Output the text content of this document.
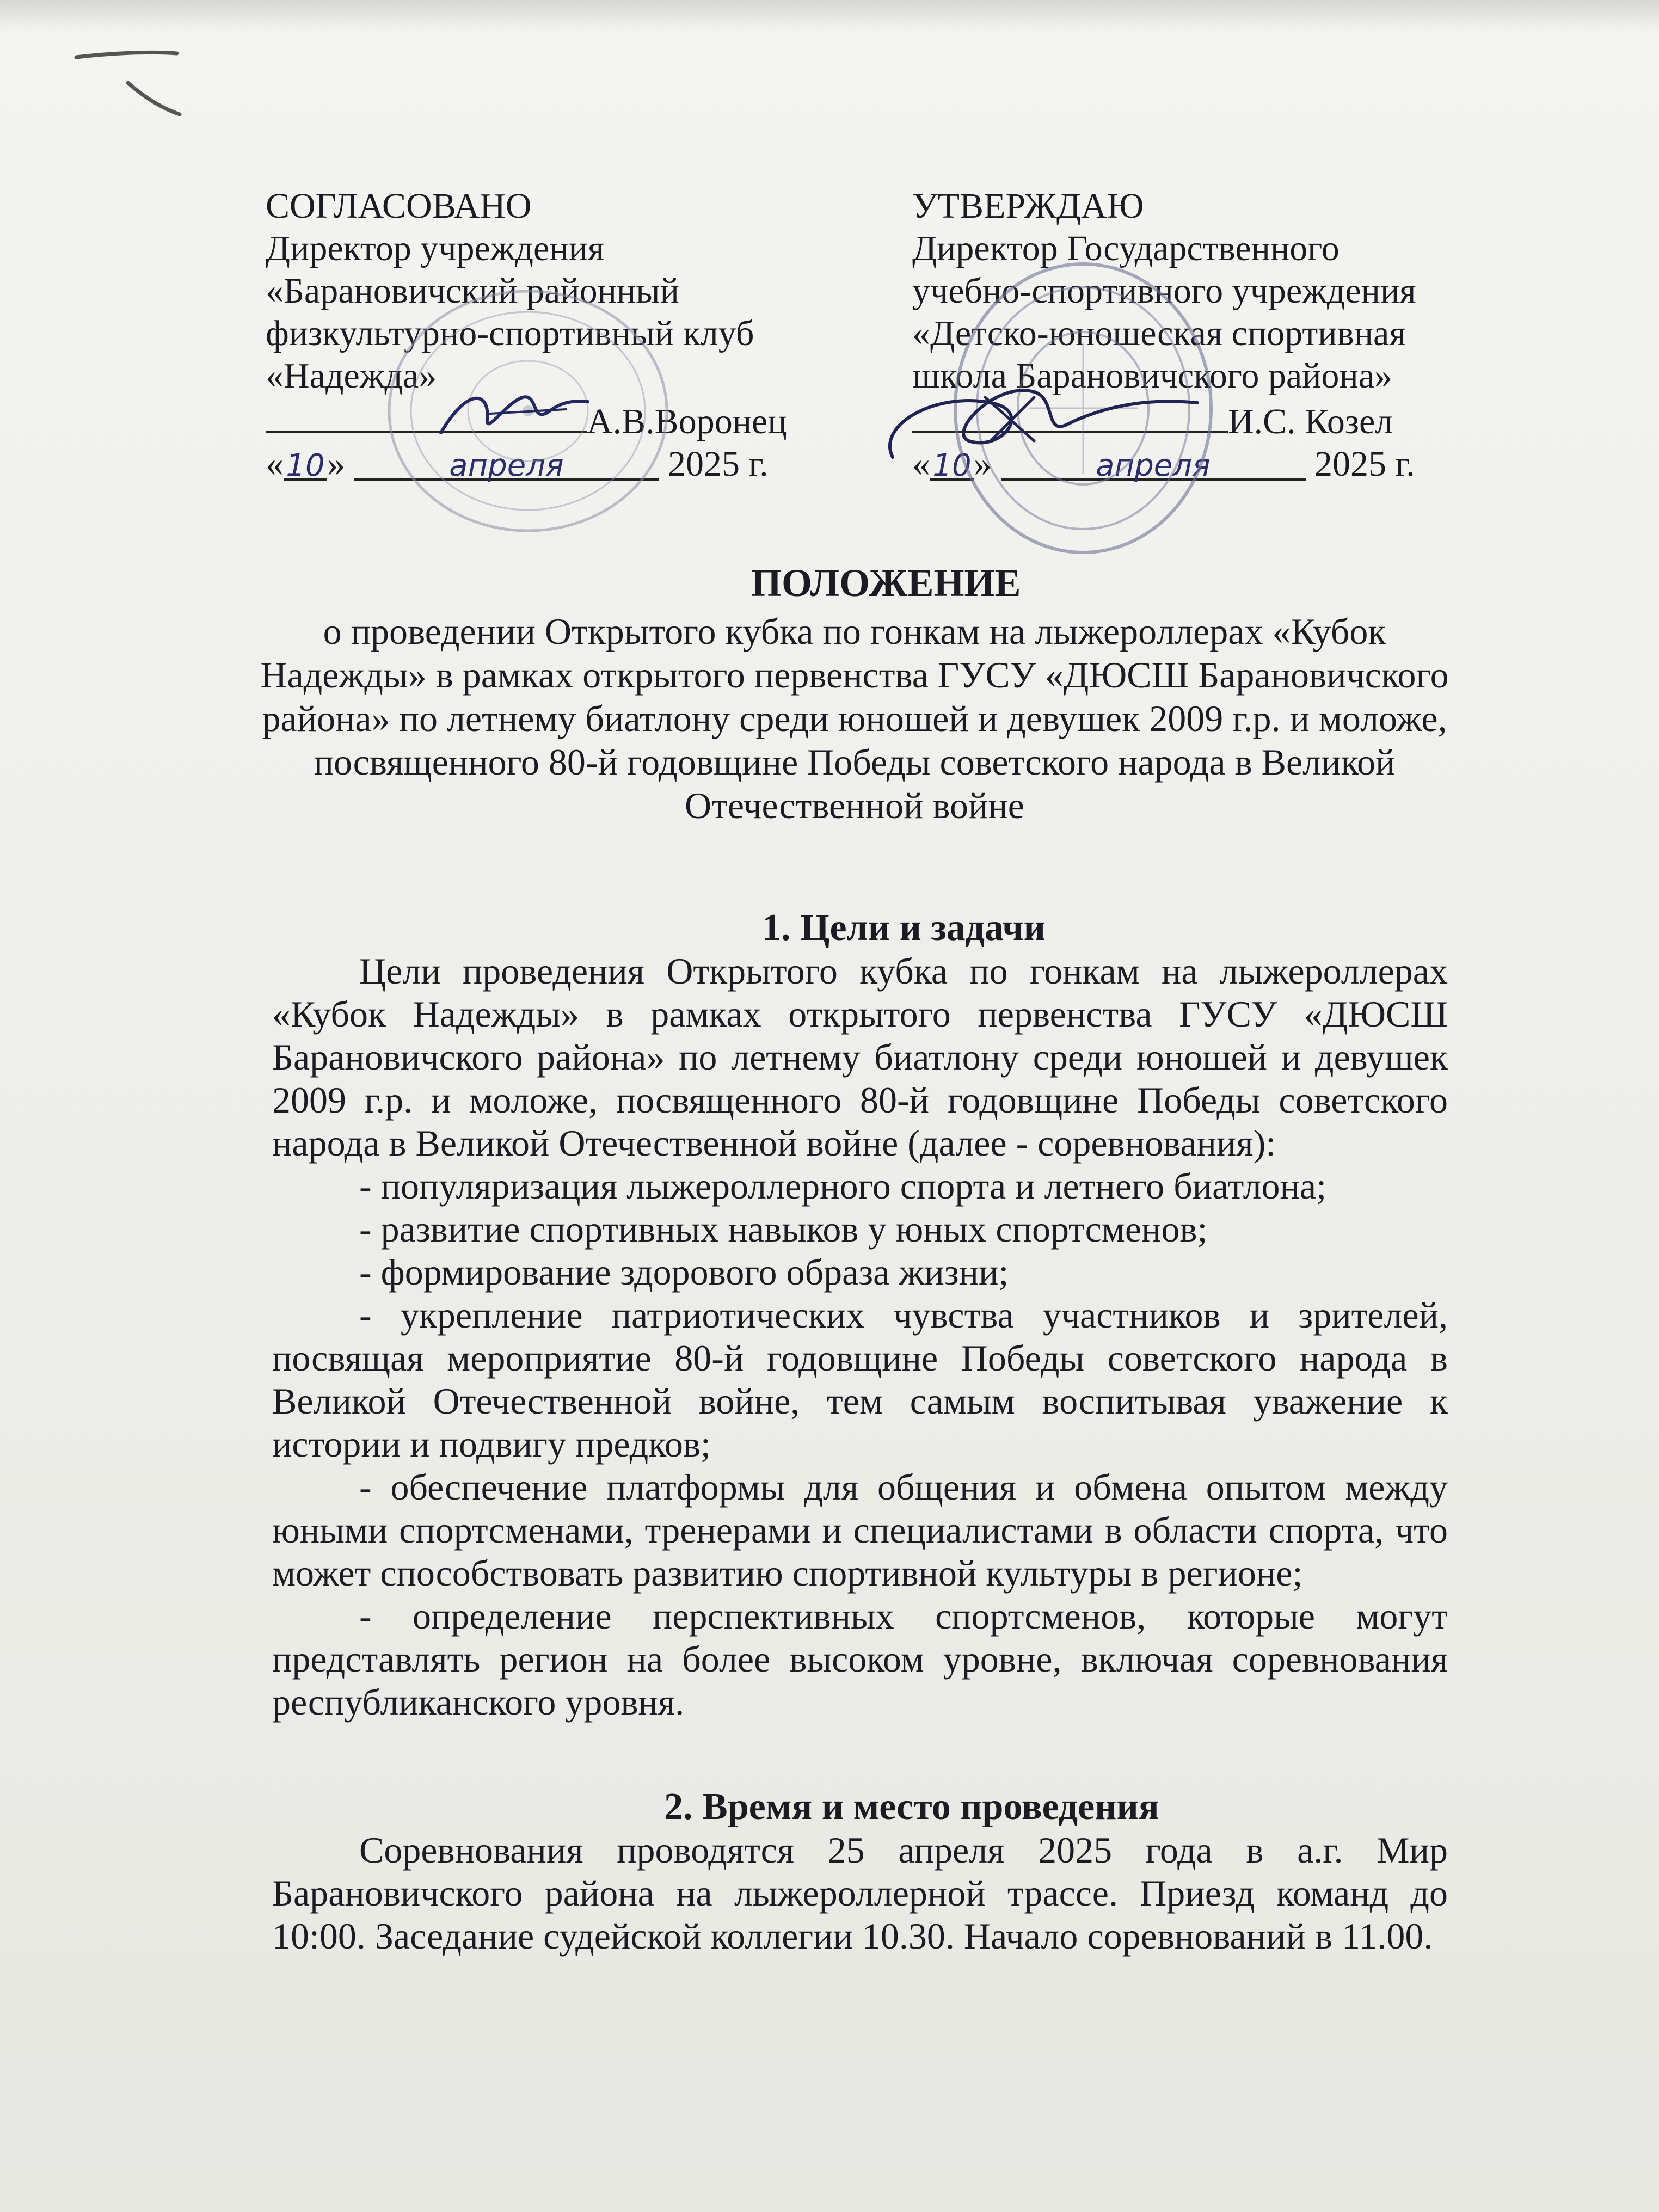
СОГЛАСОВАНО
Директор учреждения
«Барановичский районный
физкультурно-спортивный клуб
«Надежда»
А.В.Воронец
«10»	апреля	2025 г.
УТВЕРЖДАЮ
Директор Государственного
учебно-спортивного учреждения
«Детско-юношеская спортивная
школа Барановичского района»
И.С. Козел
«10»	апреля	2025 г.
ПОЛОЖЕНИЕ
о проведении Открытого кубка по гонкам на лыжероллерах «Кубок Надежды» в рамках открытого первенства ГУСУ «ДЮСШ Барановичского района» по летнему биатлону среди юношей и девушек 2009 г.р. и моложе, посвященного 80-й годовщине Победы советского народа в Великой Отечественной войне
1. Цели и задачи

Цели проведения Открытого кубка по гонкам на лыжероллерах «Кубок Надежды» в рамках открытого первенства ГУСУ «ДЮСШ Барановичского района» по летнему биатлону среди юношей и девушек 2009 г.р. и моложе, посвященного 80-й годовщине Победы советского народа в Великой Отечественной войне (далее - соревнования):

- популяризация лыжероллерного спорта и летнего биатлона;

- развитие спортивных навыков у юных спортсменов;

- формирование здорового образа жизни;

- укрепление патриотических чувства участников и зрителей, посвящая мероприятие 80-й годовщине Победы советского народа в Великой Отечественной войне, тем самым воспитывая уважение к истории и подвигу предков;

- обеспечение платформы для общения и обмена опытом между юными спортсменами, тренерами и специалистами в области спорта, что может способствовать развитию спортивной культуры в регионе;

- определение перспективных спортсменов, которые могут представлять регион на более высоком уровне, включая соревнования республиканского уровня.

2. Время и место проведения

Соревнования проводятся 25 апреля 2025 года в а.г. Мир Барановичского района на лыжероллерной трассе. Приезд команд до 10:00. Заседание судейской коллегии 10.30. Начало соревнований в 11.00.
